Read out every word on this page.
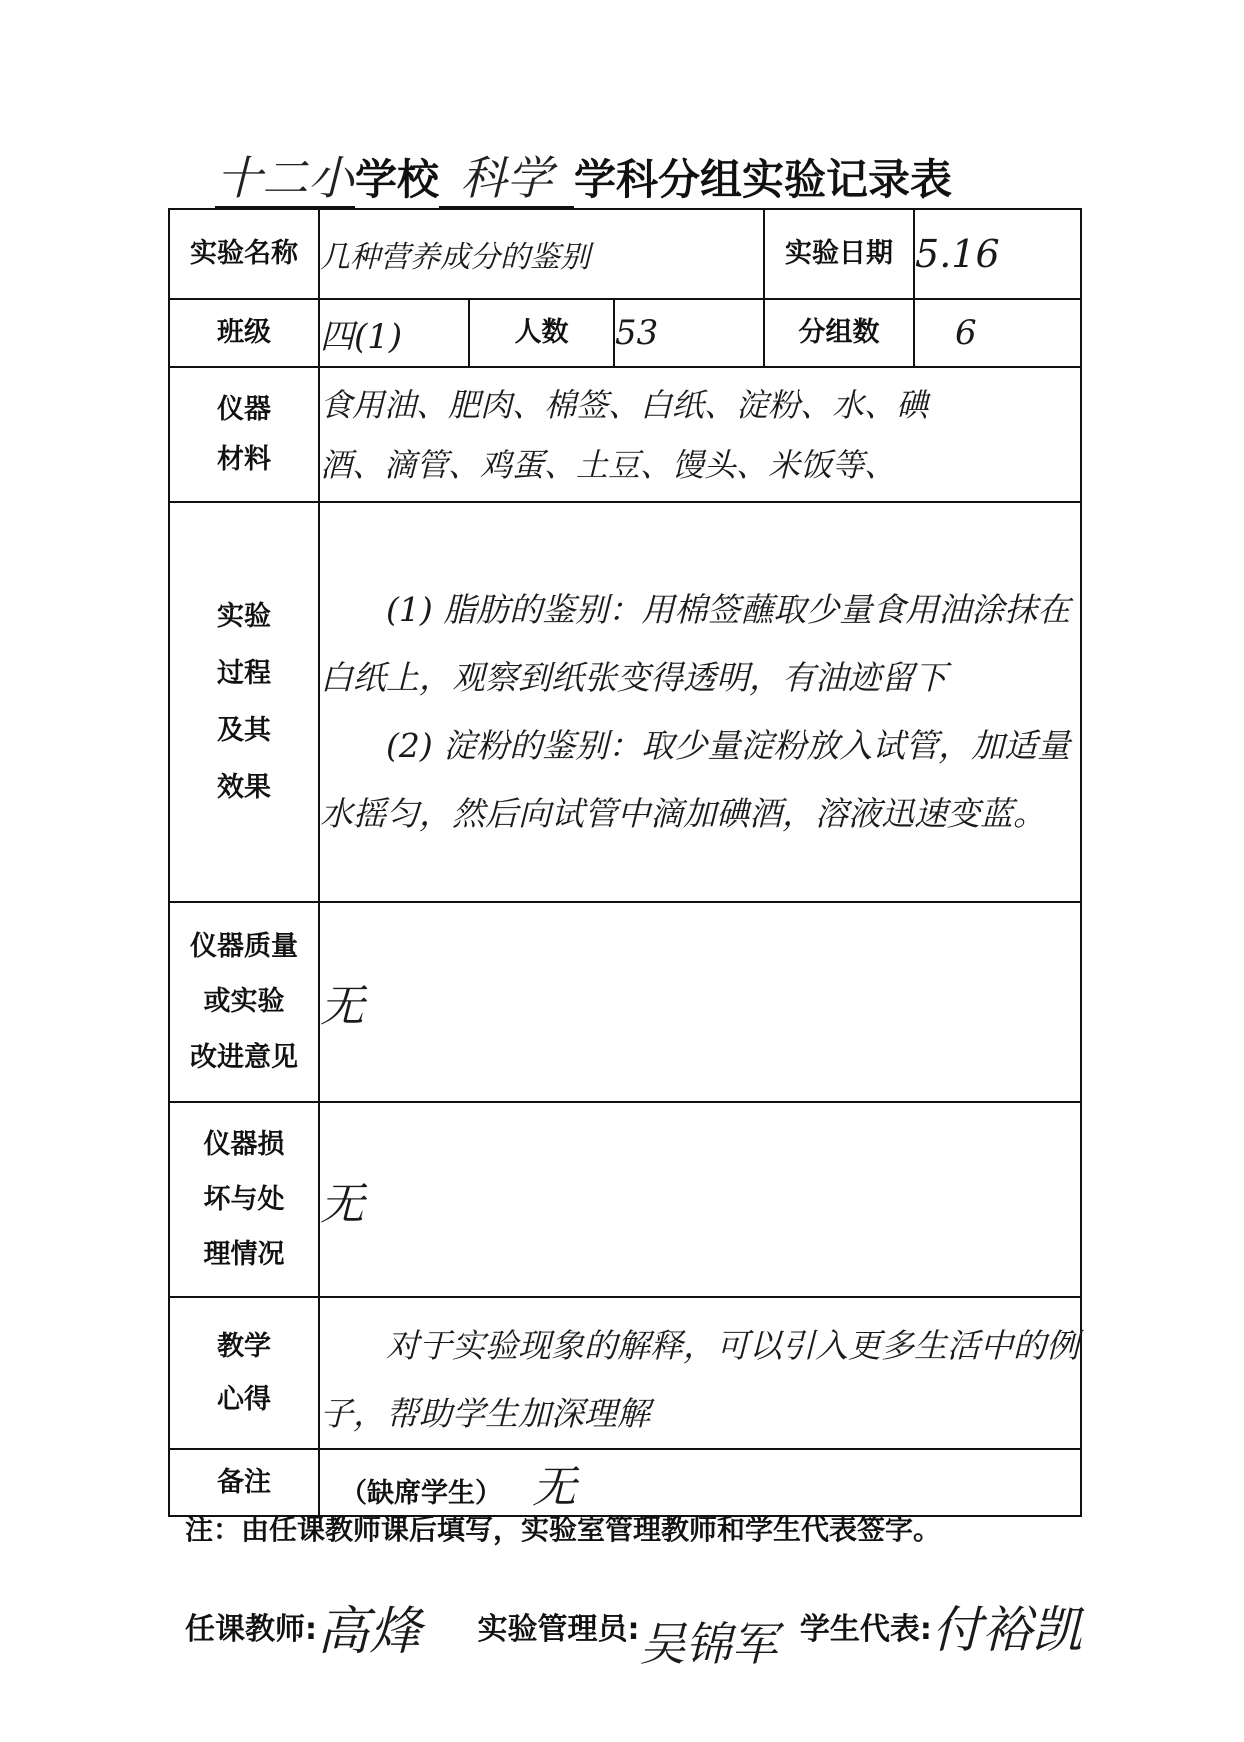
十二小学校 科学 学科分组实验记录表
实验名称	几种营养成分的鉴别			实验日期	5.16
班级	四(1)	人数	53	分组数	6

仪器
材料	食用油、肥肉、棉签、白纸、淀粉、水、碘
酒、滴管、鸡蛋、土豆、馒头、米饭等、				

实验
过程
及其
效果	(1) 脂肪的鉴别：用棉签蘸取少量食用油涂抹在白纸上，观察到纸张变得透明，有油迹留下
(2) 淀粉的鉴别：取少量淀粉放入试管，加适量水摇匀，然后向试管中滴加碘酒，溶液迅速变蓝。				

仪器质量
或实验
改进意见	无				

仪器损
坏与处
理情况	无				

教学
心得	对于实验现象的解释，可以引入更多生活中的例子，帮助学生加深理解				

备注	（缺席学生） 无				
注：由任课教师课后填写，实验室管理教师和学生代表签字。
任课教师:高烽 实验管理员:吴锦军 学生代表:付裕凯
